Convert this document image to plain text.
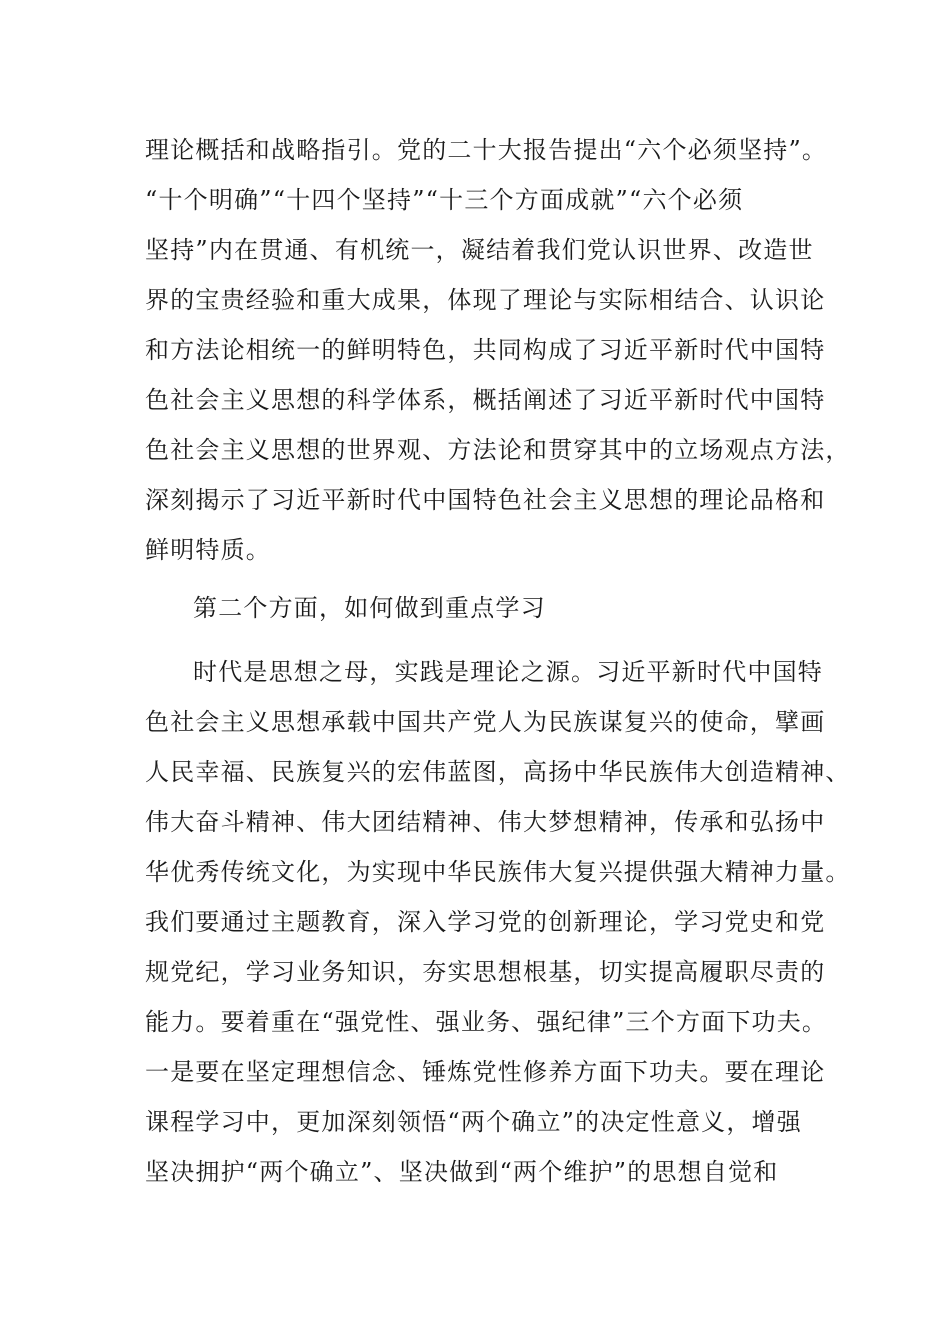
理论概括和战略指引。党的二十大报告提出“六个必须坚持”。
“十个明确”“十四个坚持”“十三个方面成就”“六个必须
坚持”内在贯通、有机统一，凝结着我们党认识世界、改造世
界的宝贵经验和重大成果，体现了理论与实际相结合、认识论
和方法论相统一的鲜明特色，共同构成了习近平新时代中国特
色社会主义思想的科学体系，概括阐述了习近平新时代中国特
色社会主义思想的世界观、方法论和贯穿其中的立场观点方法，
深刻揭示了习近平新时代中国特色社会主义思想的理论品格和
鲜明特质。
第二个方面，如何做到重点学习
时代是思想之母，实践是理论之源。习近平新时代中国特
色社会主义思想承载中国共产党人为民族谋复兴的使命，擘画
人民幸福、民族复兴的宏伟蓝图，高扬中华民族伟大创造精神、
伟大奋斗精神、伟大团结精神、伟大梦想精神，传承和弘扬中
华优秀传统文化，为实现中华民族伟大复兴提供强大精神力量。
我们要通过主题教育，深入学习党的创新理论，学习党史和党
规党纪，学习业务知识，夯实思想根基，切实提高履职尽责的
能力。要着重在“强党性、强业务、强纪律”三个方面下功夫。
一是要在坚定理想信念、锤炼党性修养方面下功夫。要在理论
课程学习中，更加深刻领悟“两个确立”的决定性意义，增强
坚决拥护“两个确立”、坚决做到“两个维护”的思想自觉和
